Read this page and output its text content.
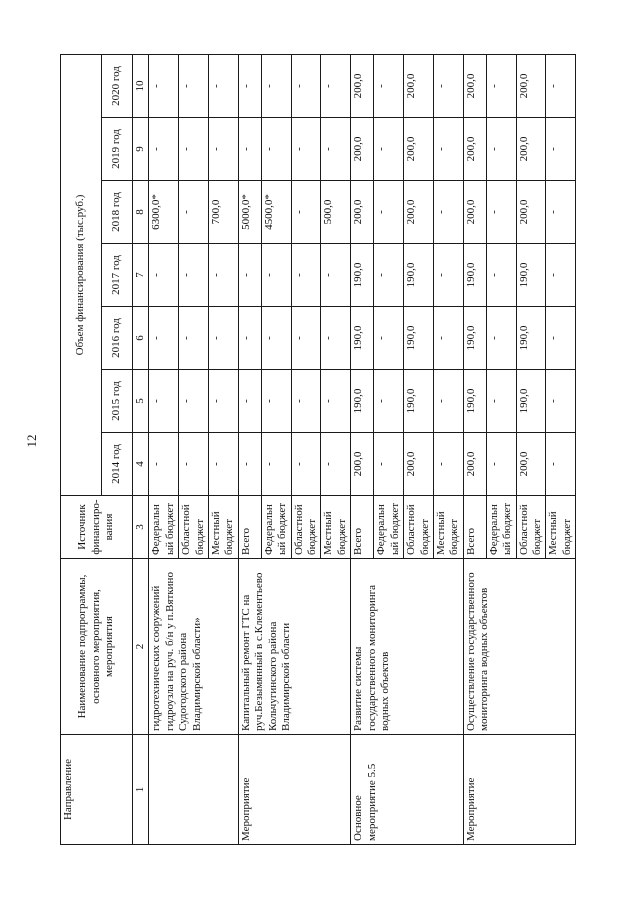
12
Направление	Наименование подпрограммы, основного мероприятия, мероприятия	Источник финансиро-вания	Объем финансирования (тыс.руб.)						
			2014 год	2015 год	2016 год	2017 год	2018 год	2019 год	2020 год
1	2	3	4	5	6	7	8	9	10
	гидротехнических сооружений гидроузла на руч. б/н у п.Вяткино Судогодского района Владимирской области»	Федеральный бюджет	-	-	-	-	6300,0*	-	-
		Областной бюджет	-	-	-	-	-	-	-
		Местный бюджет	-	-	-	-	700,0	-	-
Мероприятие	Капитальный ремонт ГТС на руч.Безымянный в с.Клементьево Кольчугинского района Владимирской области	Всего	-	-	-	-	5000,0*	-	-
		Федеральный бюджет	-	-	-	-	4500,0*	-	-
		Областной бюджет	-	-	-	-	-	-	-
		Местный бюджет	-	-	-	-	500,0	-	-
Основное мероприятие 5.5	Развитие системы государственного мониторинга водных объектов	Всего	200,0	190,0	190,0	190,0	200,0	200,0	200,0
		Федеральный бюджет	-	-	-	-	-	-	-
		Областной бюджет	200,0	190,0	190,0	190,0	200,0	200,0	200,0
		Местный бюджет	-	-	-	-	-	-	-
Мероприятие	Осуществление государственного мониторинга водных объектов	Всего	200,0	190,0	190,0	190,0	200,0	200,0	200,0
		Федеральный бюджет	-	-	-	-	-	-	-
		Областной бюджет	200,0	190,0	190,0	190,0	200,0	200,0	200,0
		Местный бюджет	-	-	-	-	-	-	-
